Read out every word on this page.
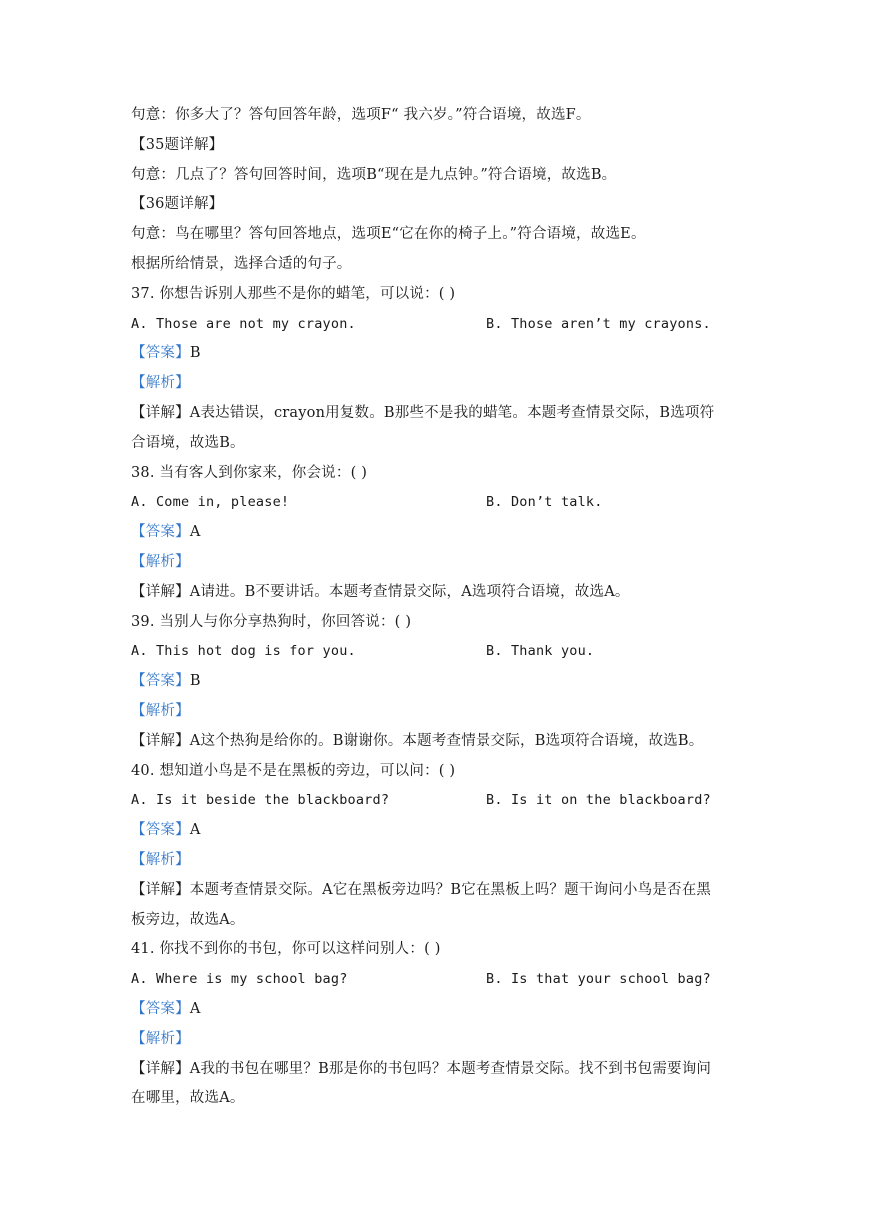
句意：你多大了？答句回答年龄，选项F“ 我六岁。”符合语境，故选F。
【35题详解】
句意：几点了？答句回答时间，选项B“现在是九点钟。”符合语境，故选B。
【36题详解】
句意：鸟在哪里？答句回答地点，选项E“它在你的椅子上。”符合语境，故选E。
根据所给情景，选择合适的句子。
37. 你想告诉别人那些不是你的蜡笔，可以说：( )
A. Those are not my crayon.	B. Those aren’t my crayons.
【答案】B
【解析】
【详解】A表达错误，crayon用复数。B那些不是我的蜡笔。本题考查情景交际，B选项符
合语境，故选B。
38. 当有客人到你家来，你会说：( )
A. Come in, please!	B. Don’t talk.
【答案】A
【解析】
【详解】A请进。B不要讲话。本题考查情景交际，A选项符合语境，故选A。
39. 当别人与你分享热狗时，你回答说：( )
A. This hot dog is for you.	B. Thank you.
【答案】B
【解析】
【详解】A这个热狗是给你的。B谢谢你。本题考查情景交际，B选项符合语境，故选B。
40. 想知道小鸟是不是在黑板的旁边，可以问：( )
A. Is it beside the blackboard?	B. Is it on the blackboard?
【答案】A
【解析】
【详解】本题考查情景交际。A它在黑板旁边吗？B它在黑板上吗？题干询问小鸟是否在黑
板旁边，故选A。
41. 你找不到你的书包，你可以这样问别人：( )
A. Where is my school bag?	B. Is that your school bag?
【答案】A
【解析】
【详解】A我的书包在哪里？B那是你的书包吗？本题考查情景交际。找不到书包需要询问
在哪里，故选A。
